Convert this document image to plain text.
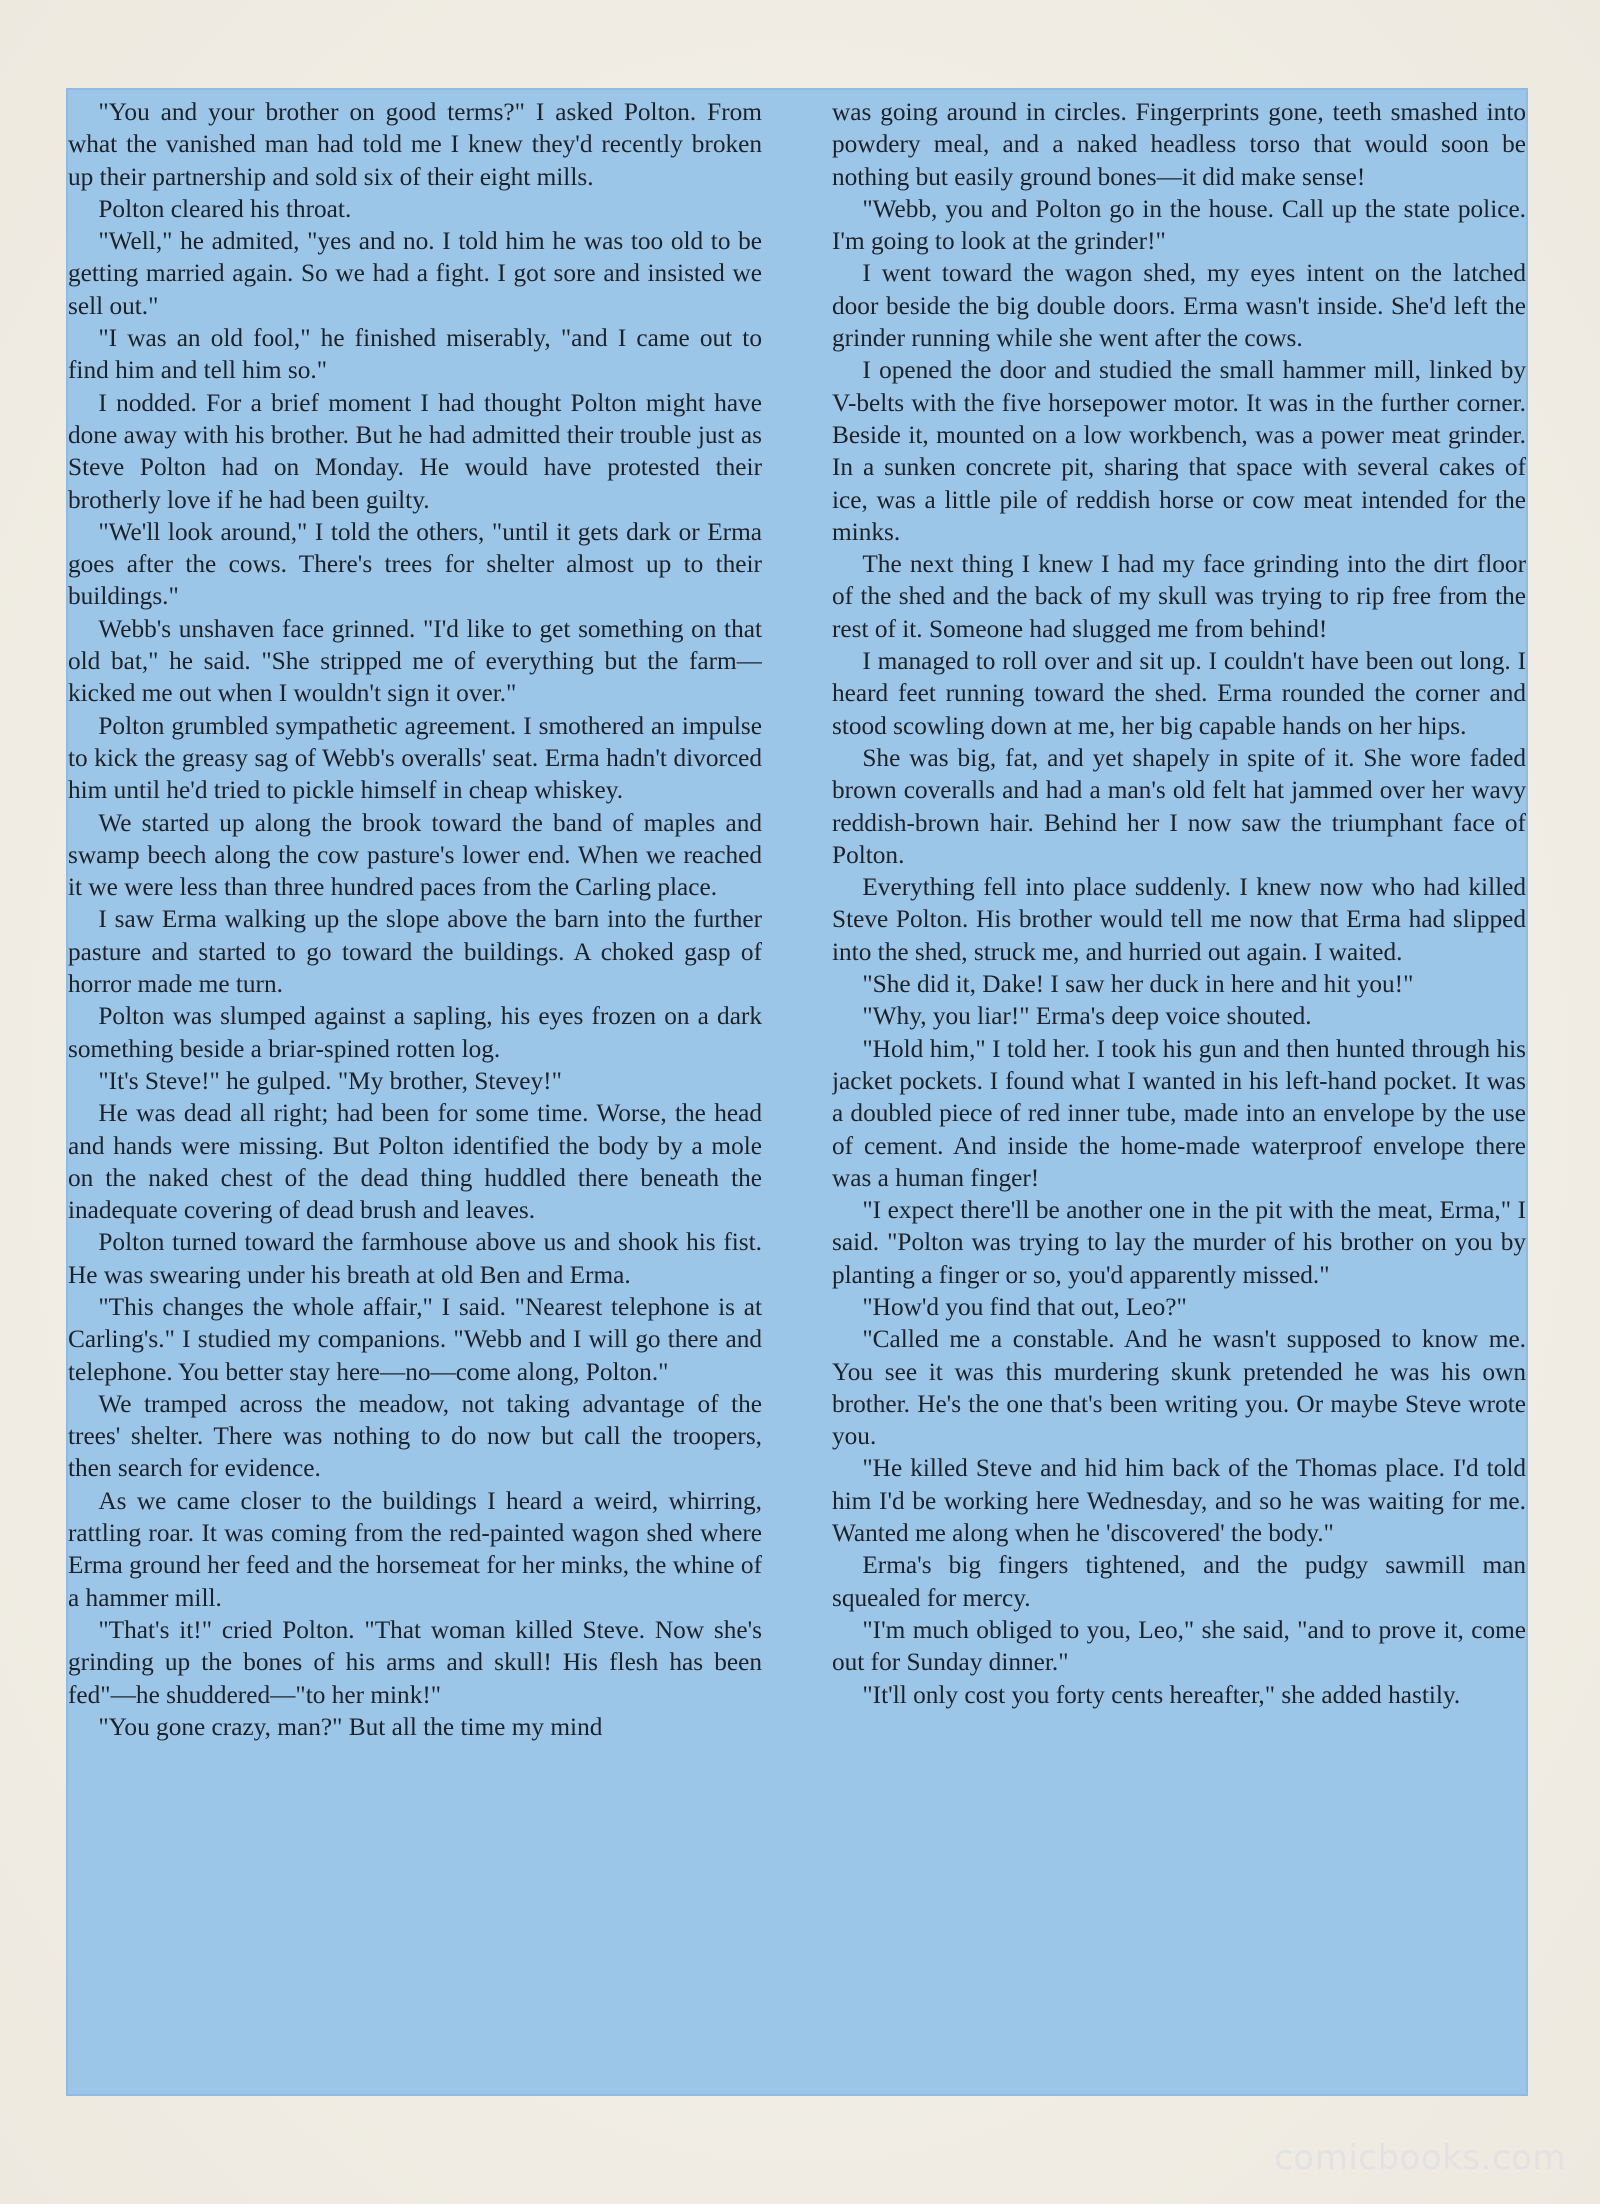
"You and your brother on good terms?" I asked Polton. From what the vanished man had told me I knew they'd recently broken up their partnership and sold six of their eight mills.

Polton cleared his throat.

"Well," he admited, "yes and no. I told him he was too old to be getting married again. So we had a fight. I got sore and insisted we sell out."

"I was an old fool," he finished miserably, "and I came out to find him and tell him so."

I nodded. For a brief moment I had thought Polton might have done away with his brother. But he had admitted their trouble just as Steve Polton had on Monday. He would have protested their brotherly love if he had been guilty.

"We'll look around," I told the others, "until it gets dark or Erma goes after the cows. There's trees for shelter almost up to their buildings."

Webb's unshaven face grinned. "I'd like to get something on that old bat," he said. "She stripped me of everything but the farm—kicked me out when I wouldn't sign it over."

Polton grumbled sympathetic agreement. I smothered an impulse to kick the greasy sag of Webb's overalls' seat. Erma hadn't divorced him until he'd tried to pickle himself in cheap whiskey.

We started up along the brook toward the band of maples and swamp beech along the cow pasture's lower end. When we reached it we were less than three hundred paces from the Carling place.

I saw Erma walking up the slope above the barn into the further pasture and started to go toward the buildings. A choked gasp of horror made me turn.

Polton was slumped against a sapling, his eyes frozen on a dark something beside a briar-spined rotten log.

"It's Steve!" he gulped. "My brother, Stevey!"

He was dead all right; had been for some time. Worse, the head and hands were missing. But Polton identified the body by a mole on the naked chest of the dead thing huddled there beneath the inadequate covering of dead brush and leaves.

Polton turned toward the farmhouse above us and shook his fist. He was swearing under his breath at old Ben and Erma.

"This changes the whole affair," I said. "Nearest telephone is at Carling's." I studied my companions. "Webb and I will go there and telephone. You better stay here—no—come along, Polton."

We tramped across the meadow, not taking advantage of the trees' shelter. There was nothing to do now but call the troopers, then search for evidence.

As we came closer to the buildings I heard a weird, whirring, rattling roar. It was coming from the red-painted wagon shed where Erma ground her feed and the horsemeat for her minks, the whine of a hammer mill.

"That's it!" cried Polton. "That woman killed Steve. Now she's grinding up the bones of his arms and skull! His flesh has been fed"—he shuddered—"to her mink!"

"You gone crazy, man?" But all the time my mind

was going around in circles. Fingerprints gone, teeth smashed into powdery meal, and a naked headless torso that would soon be nothing but easily ground bones—it did make sense!

"Webb, you and Polton go in the house. Call up the state police. I'm going to look at the grinder!"

I went toward the wagon shed, my eyes intent on the latched door beside the big double doors. Erma wasn't inside. She'd left the grinder running while she went after the cows.

I opened the door and studied the small hammer mill, linked by V-belts with the five horsepower motor. It was in the further corner. Beside it, mounted on a low workbench, was a power meat grinder. In a sunken concrete pit, sharing that space with several cakes of ice, was a little pile of reddish horse or cow meat intended for the minks.

The next thing I knew I had my face grinding into the dirt floor of the shed and the back of my skull was trying to rip free from the rest of it. Someone had slugged me from behind!

I managed to roll over and sit up. I couldn't have been out long. I heard feet running toward the shed. Erma rounded the corner and stood scowling down at me, her big capable hands on her hips.

She was big, fat, and yet shapely in spite of it. She wore faded brown coveralls and had a man's old felt hat jammed over her wavy reddish-brown hair. Behind her I now saw the triumphant face of Polton.

Everything fell into place suddenly. I knew now who had killed Steve Polton. His brother would tell me now that Erma had slipped into the shed, struck me, and hurried out again. I waited.

"She did it, Dake! I saw her duck in here and hit you!"

"Why, you liar!" Erma's deep voice shouted.

"Hold him," I told her. I took his gun and then hunted through his jacket pockets. I found what I wanted in his left-hand pocket. It was a doubled piece of red inner tube, made into an envelope by the use of cement. And inside the home-made waterproof envelope there was a human finger!

"I expect there'll be another one in the pit with the meat, Erma," I said. "Polton was trying to lay the murder of his brother on you by planting a finger or so, you'd apparently missed."

"How'd you find that out, Leo?"

"Called me a constable. And he wasn't supposed to know me. You see it was this murdering skunk pretended he was his own brother. He's the one that's been writing you. Or maybe Steve wrote you.

"He killed Steve and hid him back of the Thomas place. I'd told him I'd be working here Wednesday, and so he was waiting for me. Wanted me along when he 'discovered' the body."

Erma's big fingers tightened, and the pudgy sawmill man squealed for mercy.

"I'm much obliged to you, Leo," she said, "and to prove it, come out for Sunday dinner."

"It'll only cost you forty cents hereafter," she added hastily.

comicbooks.com
